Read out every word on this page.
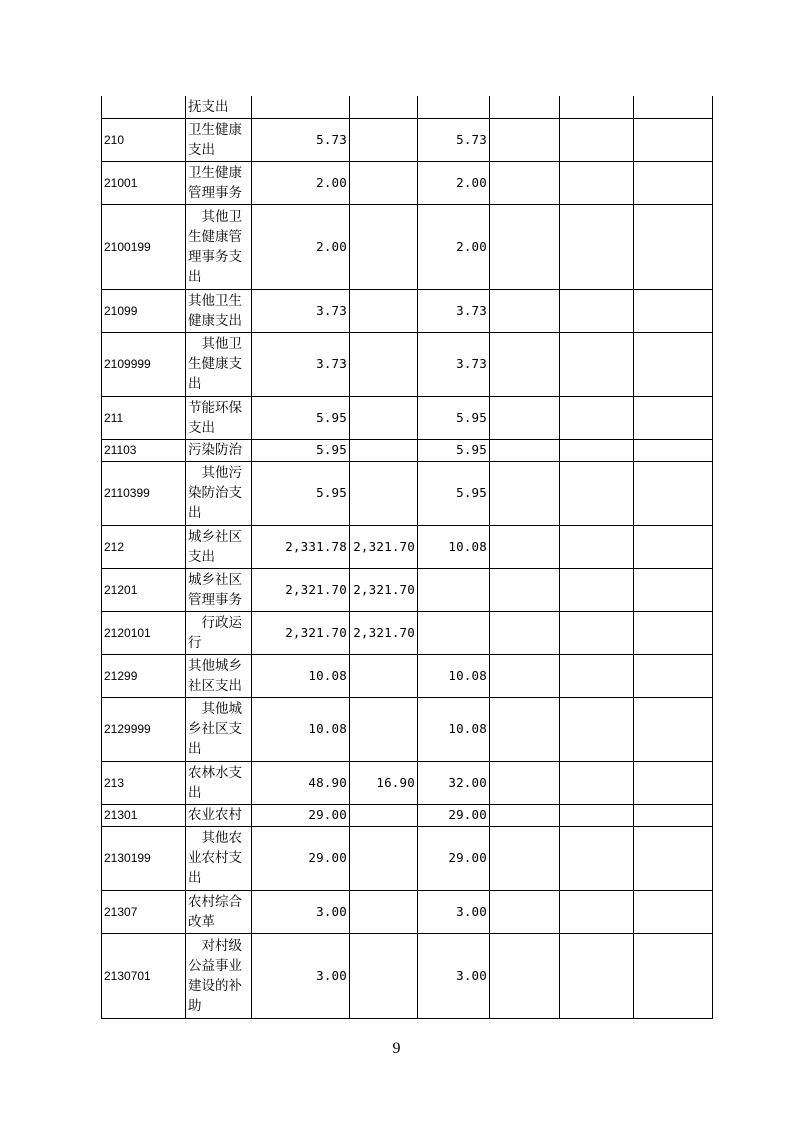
	抚支出						
210	卫生健康支出	5.73		5.73			
21001	卫生健康管理事务	2.00		2.00			
2100199	其他卫生健康管理事务支出	2.00		2.00			
21099	其他卫生健康支出	3.73		3.73			
2109999	其他卫生健康支出	3.73		3.73			
211	节能环保支出	5.95		5.95			
21103	污染防治	5.95		5.95			
2110399	其他污染防治支出	5.95		5.95			
212	城乡社区支出	2,331.78	2,321.70	10.08			
21201	城乡社区管理事务	2,321.70	2,321.70				
2120101	行政运行	2,321.70	2,321.70				
21299	其他城乡社区支出	10.08		10.08			
2129999	其他城乡社区支出	10.08		10.08			
213	农林水支出	48.90	16.90	32.00			
21301	农业农村	29.00		29.00			
2130199	其他农业农村支出	29.00		29.00			
21307	农村综合改革	3.00		3.00			
2130701	对村级公益事业建设的补助	3.00		3.00			
9
